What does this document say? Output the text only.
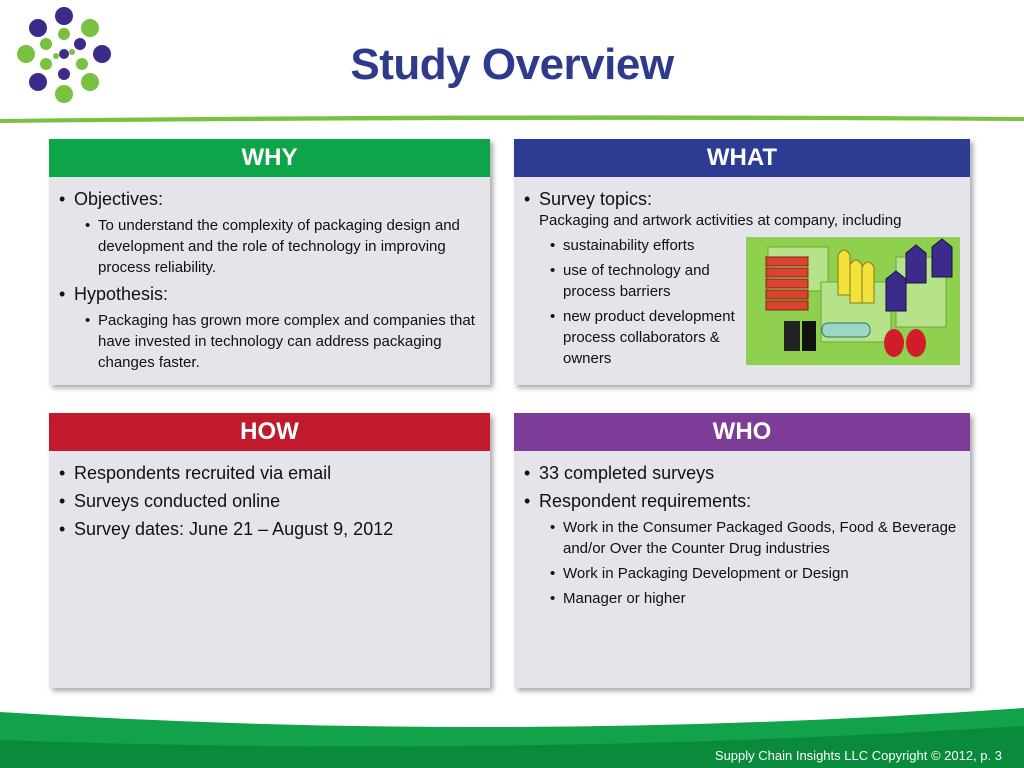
Study Overview
WHY
• Objectives:
• To understand the complexity of packaging design and development and the role of technology in improving process reliability.
• Hypothesis:
• Packaging has grown more complex and companies that have invested in technology can address packaging changes faster.
WHAT
• Survey topics:
Packaging and artwork activities at company, including
• sustainability efforts
• use of technology and process barriers
• new product development process collaborators & owners
HOW
• Respondents recruited via email
• Surveys conducted online
• Survey dates: June 21 – August 9, 2012
WHO
• 33 completed surveys
• Respondent requirements:
• Work in the Consumer Packaged Goods, Food & Beverage and/or Over the Counter Drug industries
• Work in Packaging Development or Design
• Manager or higher
Supply Chain Insights LLC Copyright © 2012, p. 3
